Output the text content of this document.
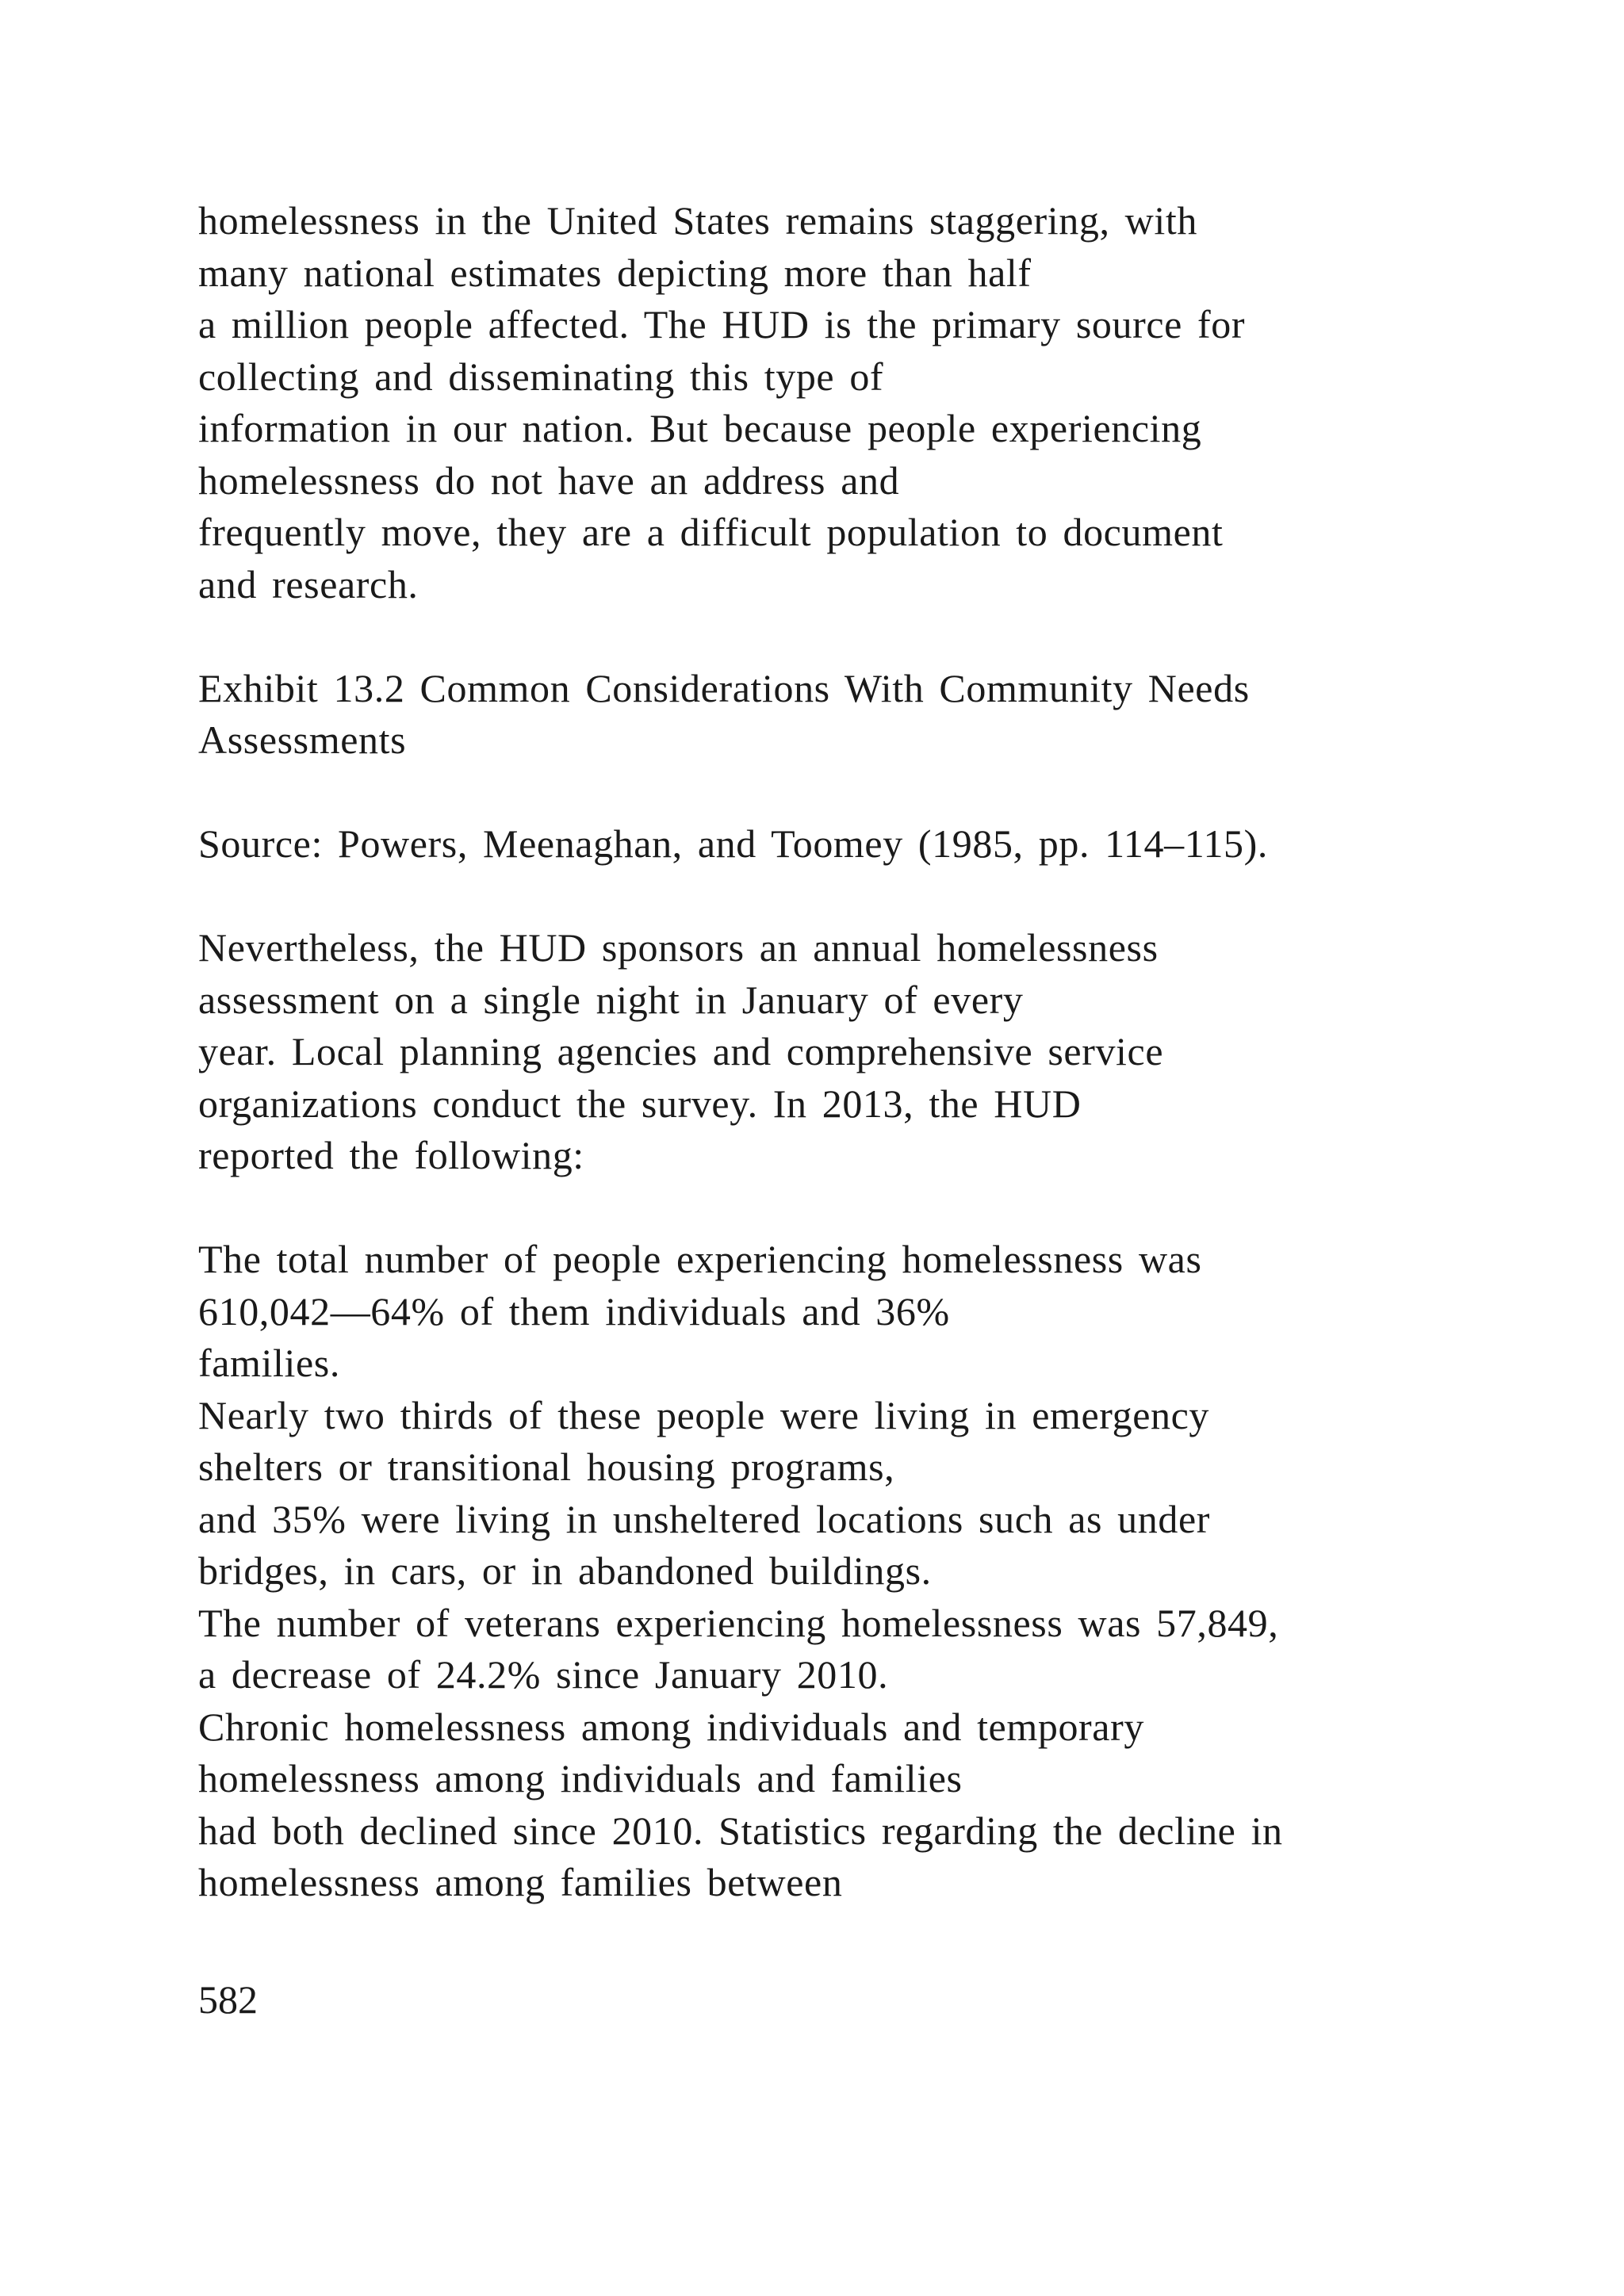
homelessness in the United States remains staggering, with
many national estimates depicting more than half
a million people affected. The HUD is the primary source for
collecting and disseminating this type of
information in our nation. But because people experiencing
homelessness do not have an address and
frequently move, they are a difficult population to document
and research.
Exhibit 13.2 Common Considerations With Community Needs
Assessments
Source: Powers, Meenaghan, and Toomey (1985, pp. 114–115).
Nevertheless, the HUD sponsors an annual homelessness
assessment on a single night in January of every
year. Local planning agencies and comprehensive service
organizations conduct the survey. In 2013, the HUD
reported the following:
The total number of people experiencing homelessness was
610,042—64% of them individuals and 36%
families.
Nearly two thirds of these people were living in emergency
shelters or transitional housing programs,
and 35% were living in unsheltered locations such as under
bridges, in cars, or in abandoned buildings.
The number of veterans experiencing homelessness was 57,849,
a decrease of 24.2% since January 2010.
Chronic homelessness among individuals and temporary
homelessness among individuals and families
had both declined since 2010. Statistics regarding the decline in
homelessness among families between
582
